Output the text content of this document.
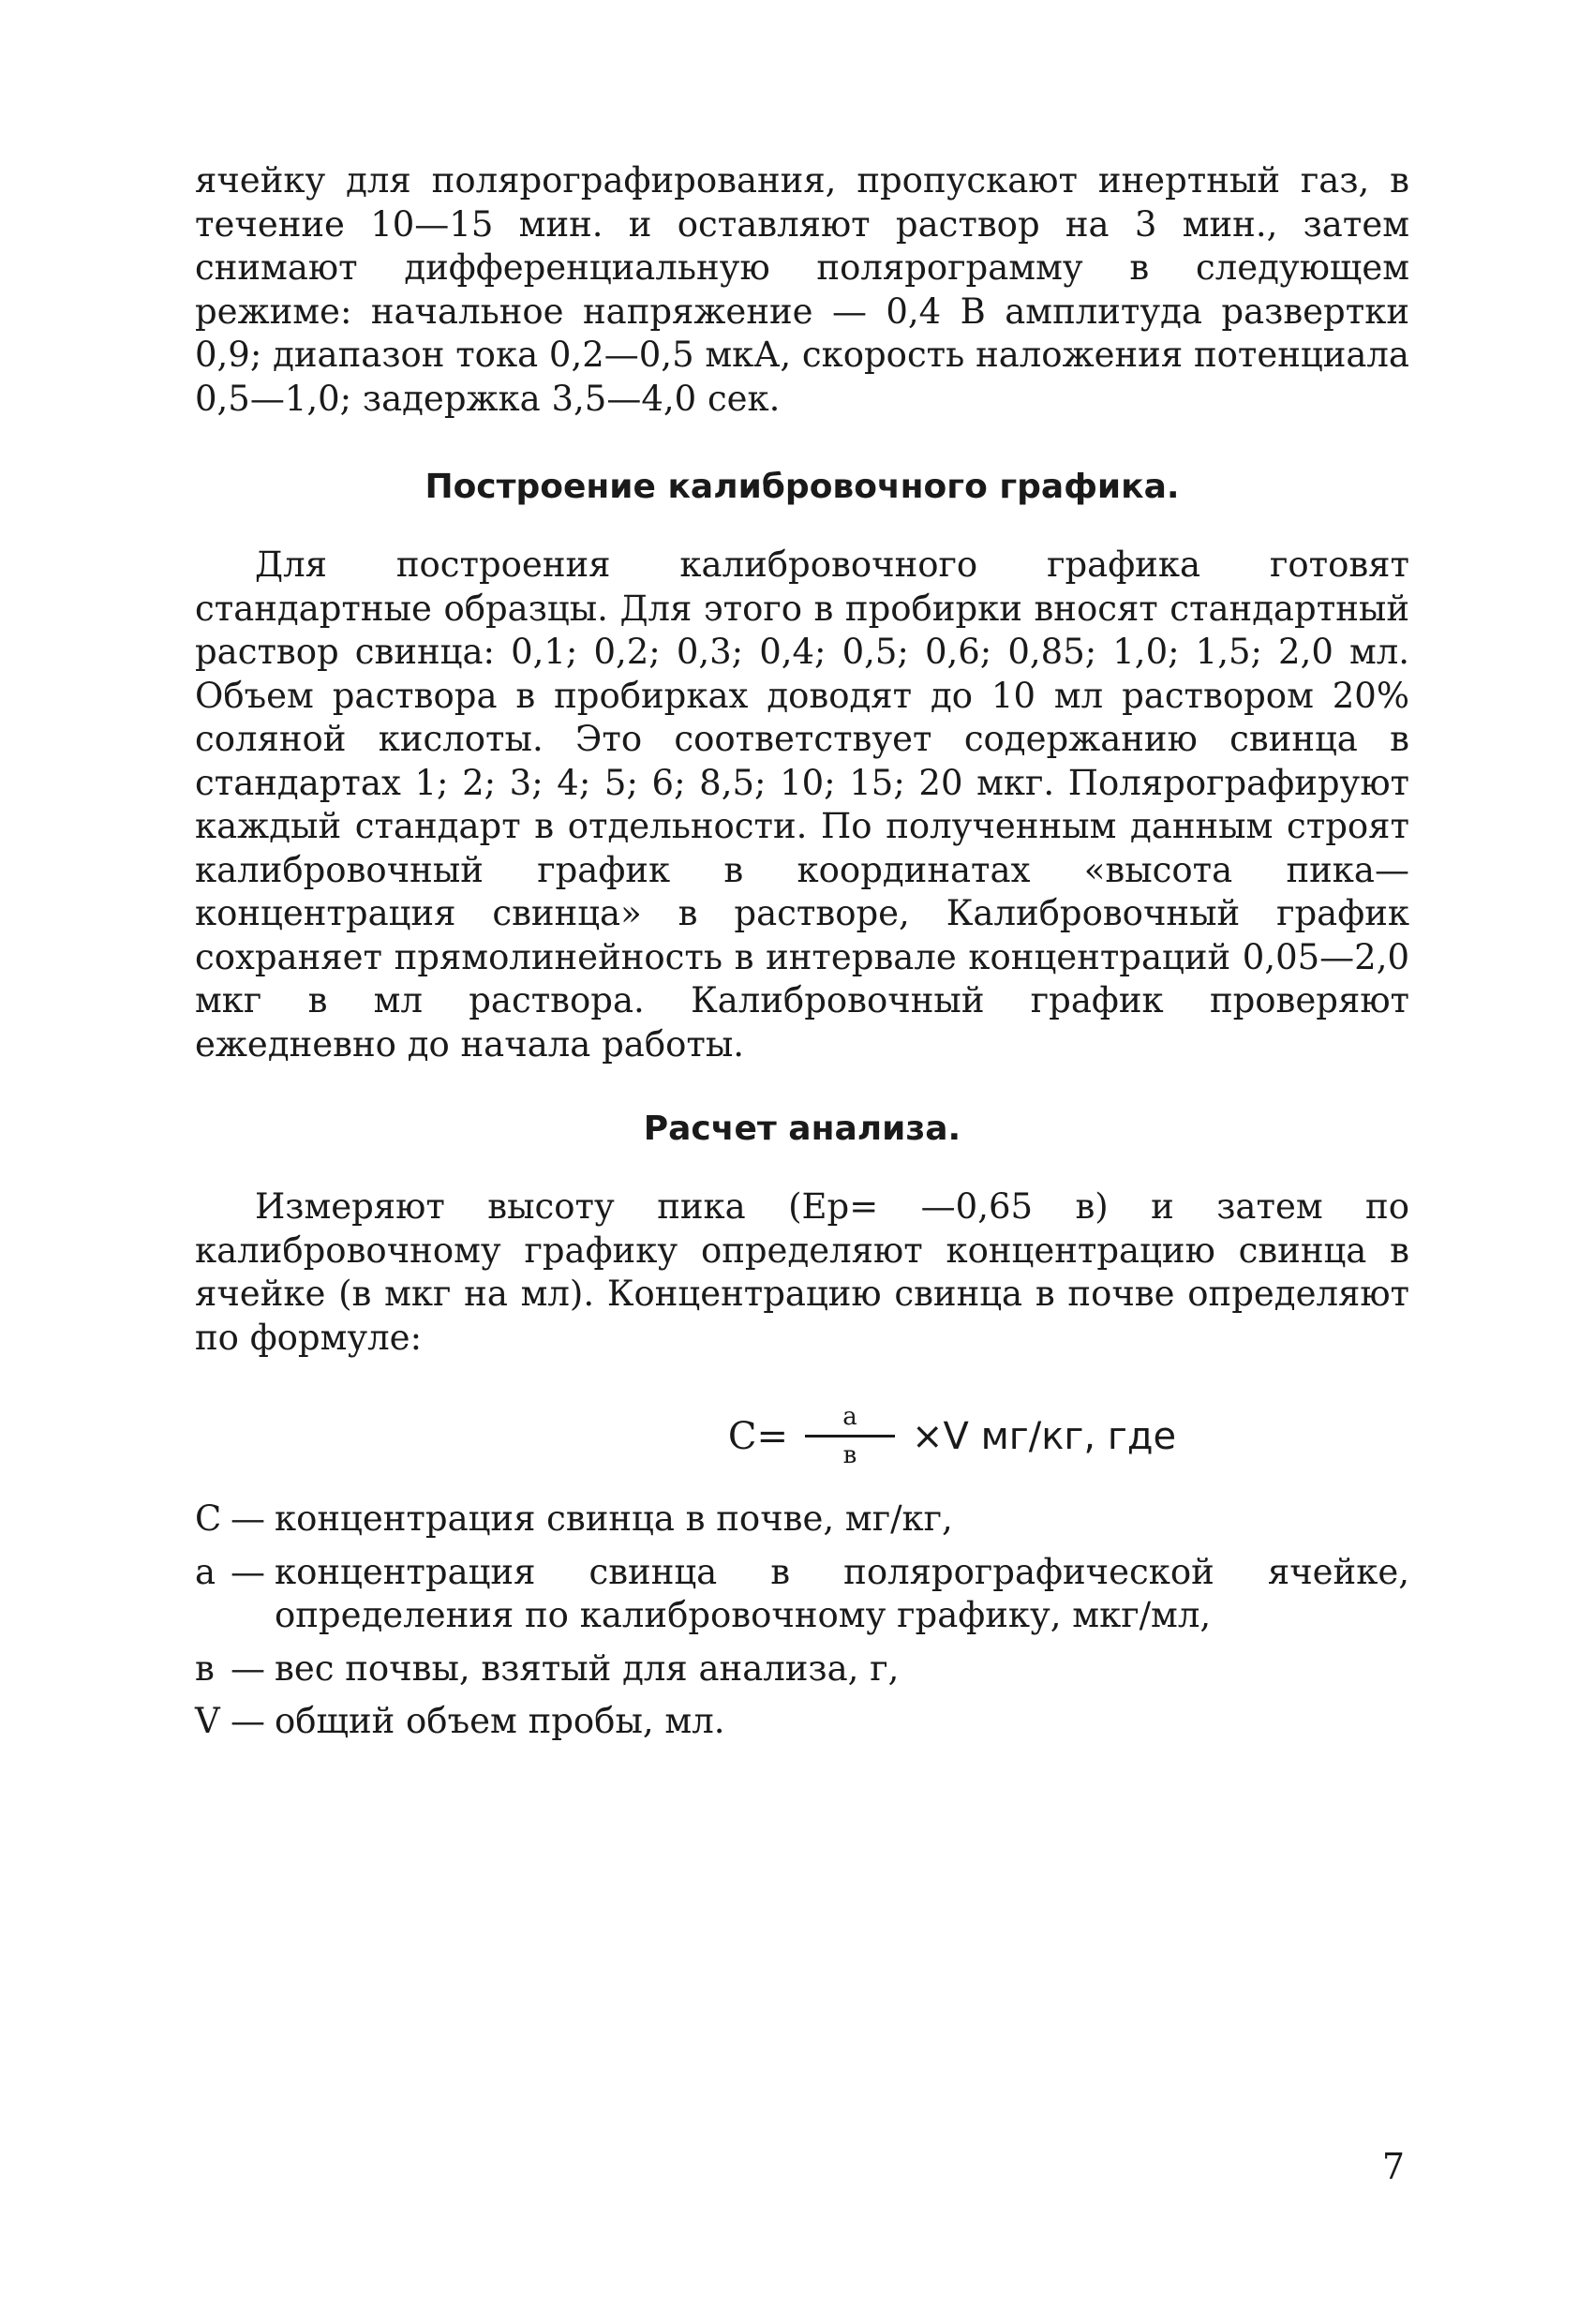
ячейку для полярографирования, пропускают инертный газ, в течение 10—15 мин. и оставляют раствор на 3 мин., затем снимают дифференциальную полярограмму в следующем режиме: начальное напряжение — 0,4 В амплитуда развертки 0,9; диапазон тока 0,2—0,5 мкА, скорость наложения потенциала 0,5—1,0; задержка 3,5—4,0 сек.

Построение калибровочного графика.

Для построения калибровочного графика готовят стандартные образцы. Для этого в пробирки вносят стандартный раствор свинца: 0,1; 0,2; 0,3; 0,4; 0,5; 0,6; 0,85; 1,0; 1,5; 2,0 мл. Объем раствора в пробирках доводят до 10 мл раствором 20% соляной кислоты. Это соответствует содержанию свинца в стандартах 1; 2; 3; 4; 5; 6; 8,5; 10; 15; 20 мкг. Полярографируют каждый стандарт в отдельности. По полученным данным строят калибровочный график в координатах «высота пика—концентрация свинца» в растворе, Калибровочный график сохраняет прямолинейность в интервале концентраций 0,05—2,0 мкг в мл раствора. Калибровочный график проверяют ежедневно до начала работы.

Расчет анализа.

Измеряют высоту пика (Ер= —0,65 в) и затем по калибровочному графику определяют концентрацию свинца в ячейке (в мкг на мл). Концентрацию свинца в почве определяют по формуле:

$С= \frac{а}{в} \times V$ мг/кг, где
С — концентрация свинца в почве, мг/кг,
а — концентрация свинца в полярографической ячейке, определения по калибровочному графику, мкг/мл,
в — вес почвы, взятый для анализа, г,
V — общий объем пробы, мл.
7
